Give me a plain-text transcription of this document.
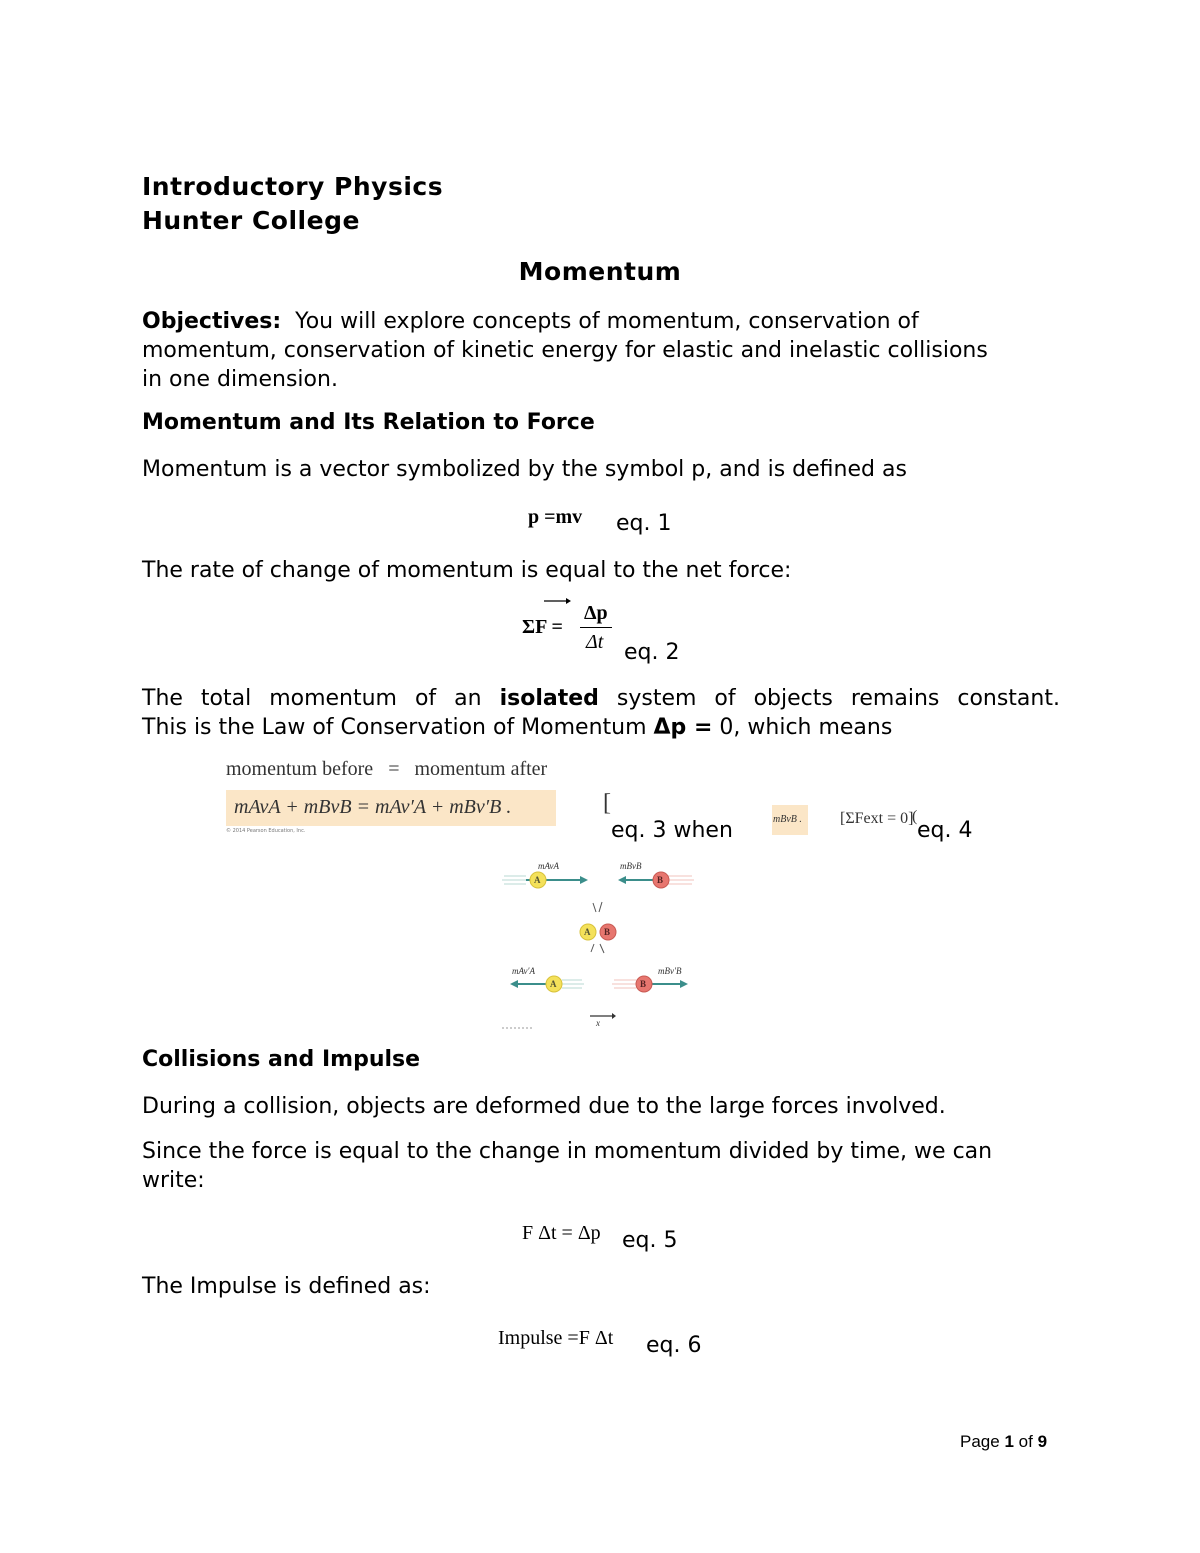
Introductory Physics
Hunter College
Momentum
Objectives: You will explore concepts of momentum, conservation of
momentum, conservation of kinetic energy for elastic and inelastic collisions
in one dimension.
Momentum and Its Relation to Force
Momentum is a vector symbolized by the symbol p, and is defined as
p =mv eq. 1
The rate of change of momentum is equal to the net force:
ΣF =
Δp
Δt eq. 2
The total momentum of an isolated system of objects remains constant.
This is the Law of Conservation of Momentum Δp = 0, which means
momentum before = momentum after
mAvA + mBvB = mAv′A + mBv′B .
© 2014 Pearson Education, Inc.
[
eq. 3 when	mBvB . [ΣFext = 0]
(
eq. 4
A	B
A B
A	B
mAvA	mBvB
mAv′A	mBv′B
x
Collisions and Impulse
During a collision, objects are deformed due to the large forces involved.
Since the force is equal to the change in momentum divided by time, we can
write:
F Δt = Δp eq. 5
The Impulse is defined as:
Impulse =F Δt eq. 6
Page 1 of 9
